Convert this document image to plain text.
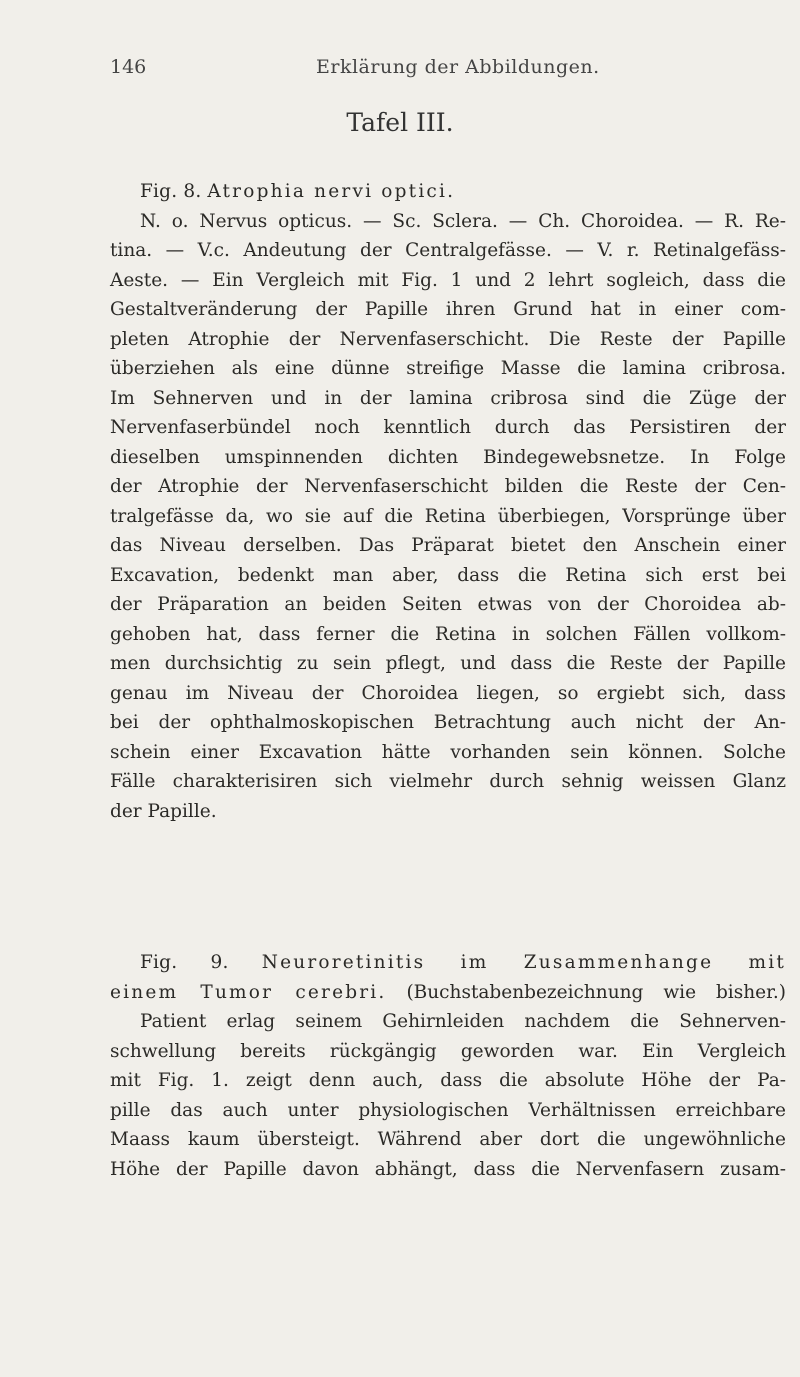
146	Erklärung der Abbildungen.
Tafel III.
Fig. 8. Atrophia nervi optici.
N. o. Nervus opticus. — Sc. Sclera. — Ch. Choroidea. — R. Re-
tina. — V.c. Andeutung der Centralgefässe. — V. r. Retinalgefäss-
Aeste. — Ein Vergleich mit Fig. 1 und 2 lehrt sogleich, dass die
Gestaltveränderung der Papille ihren Grund hat in einer com-
pleten Atrophie der Nervenfaserschicht. Die Reste der Papille
überziehen als eine dünne streifige Masse die lamina cribrosa.
Im Sehnerven und in der lamina cribrosa sind die Züge der
Nervenfaserbündel noch kenntlich durch das Persistiren der
dieselben umspinnenden dichten Bindegewebsnetze. In Folge
der Atrophie der Nervenfaserschicht bilden die Reste der Cen-
tralgefässe da, wo sie auf die Retina überbiegen, Vorsprünge über
das Niveau derselben. Das Präparat bietet den Anschein einer
Excavation, bedenkt man aber, dass die Retina sich erst bei
der Präparation an beiden Seiten etwas von der Choroidea ab-
gehoben hat, dass ferner die Retina in solchen Fällen vollkom-
men durchsichtig zu sein pflegt, und dass die Reste der Papille
genau im Niveau der Choroidea liegen, so ergiebt sich, dass
bei der ophthalmoskopischen Betrachtung auch nicht der An-
schein einer Excavation hätte vorhanden sein können. Solche
Fälle charakterisiren sich vielmehr durch sehnig weissen Glanz
der Papille.
Fig. 9. Neuroretinitis im Zusammenhange mit
einem Tumor cerebri. (Buchstabenbezeichnung wie bisher.)
Patient erlag seinem Gehirnleiden nachdem die Sehnerven-
schwellung bereits rückgängig geworden war. Ein Vergleich
mit Fig. 1. zeigt denn auch, dass die absolute Höhe der Pa-
pille das auch unter physiologischen Verhältnissen erreichbare
Maass kaum übersteigt. Während aber dort die ungewöhnliche
Höhe der Papille davon abhängt, dass die Nervenfasern zusam-
